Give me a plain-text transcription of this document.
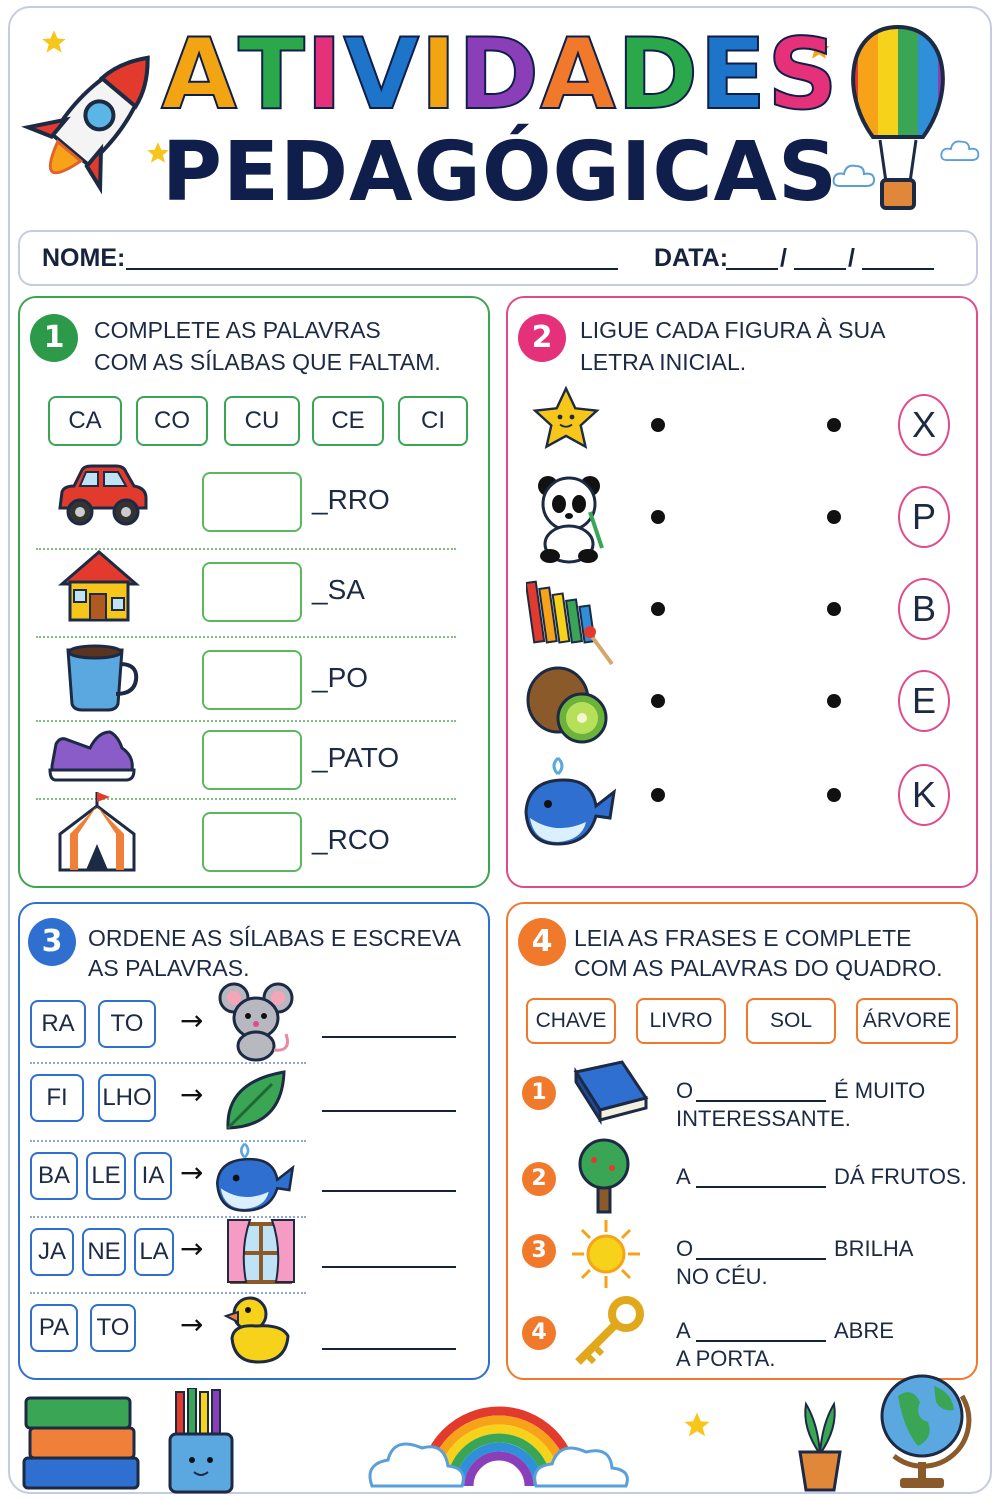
ATIVIDADES
PEDAGÓGICAS
NOME:	DATA: / /
1	COMPLETE AS PALAVRAS
COM AS SÍLABAS QUE FALTAM.
CA	CO	CU	CE	CI
_RRO
_SA
_PO
_PATO
_RCO
2	LIGUE CADA FIGURA À SUA
LETRA INICIAL.
X
P
B
E
K
3	ORDENE AS SÍLABAS E ESCREVA
AS PALAVRAS.
RA	TO	→
FI	LHO →
BA LE IA →
JA NE LA →
PA	TO →
4 LEIA AS FRASES E COMPLETE
COM AS PALAVRAS DO QUADRO.
CHAVE	LIVRO	SOL	ÁRVORE
1	O	É MUITO
INTERESSANTE.
2	A	DÁ FRUTOS.
3	O	BRILHA
NO CÉU.
4	A	ABRE
A PORTA.
